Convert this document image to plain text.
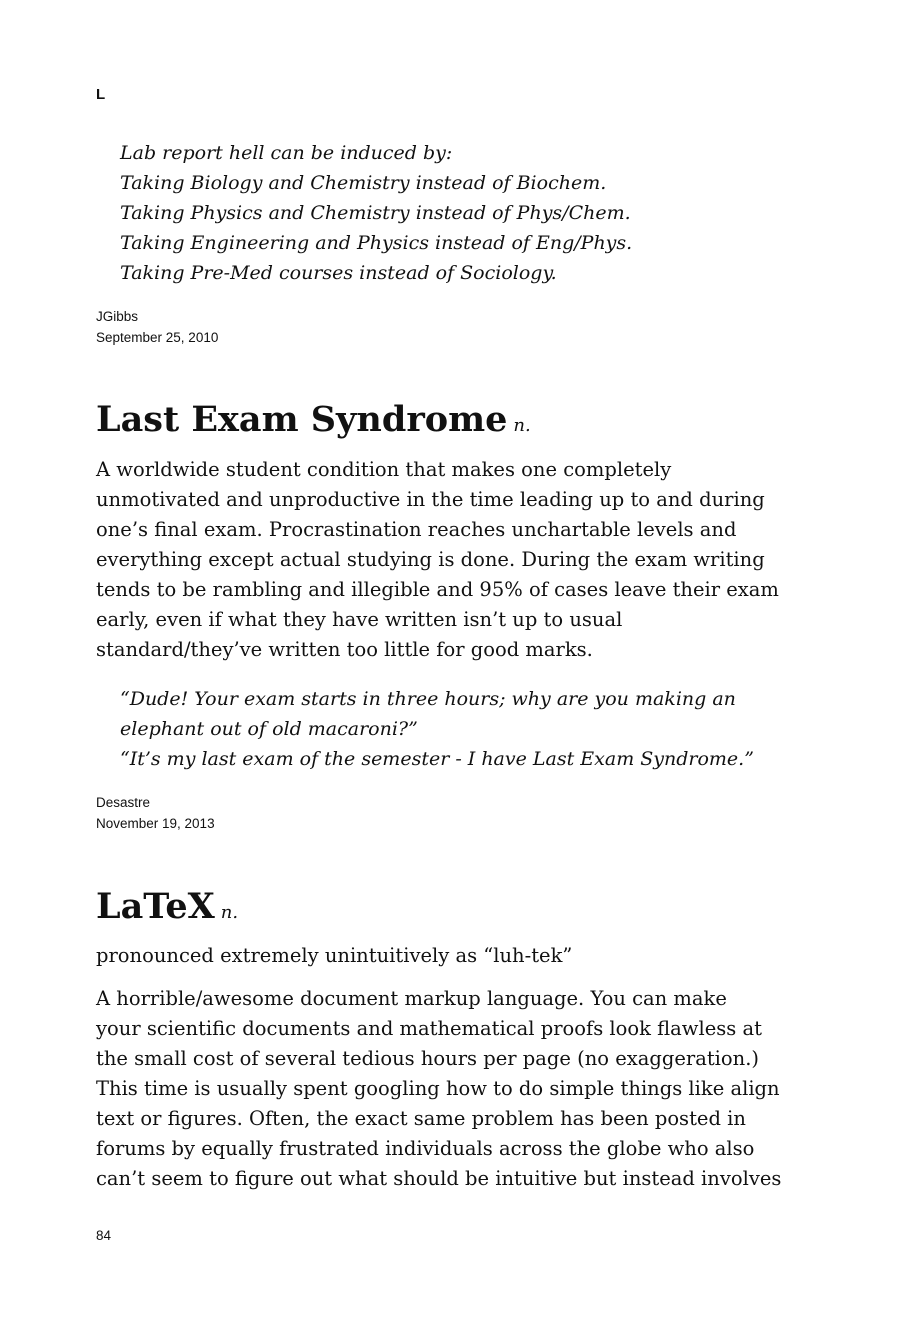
L
Lab report hell can be induced by:
Taking Biology and Chemistry instead of Biochem.
Taking Physics and Chemistry instead of Phys/Chem.
Taking Engineering and Physics instead of Eng/Phys.
Taking Pre-Med courses instead of Sociology.
JGibbs
September 25, 2010
Last Exam Syndrome n.
A worldwide student condition that makes one completely
unmotivated and unproductive in the time leading up to and during
one’s final exam. Procrastination reaches unchartable levels and
everything except actual studying is done. During the exam writing
tends to be rambling and illegible and 95% of cases leave their exam
early, even if what they have written isn’t up to usual
standard/they’ve written too little for good marks.
“Dude! Your exam starts in three hours; why are you making an
elephant out of old macaroni?”
“It’s my last exam of the semester - I have Last Exam Syndrome.”
Desastre
November 19, 2013
LaTeX n.
pronounced extremely unintuitively as “luh-tek”
A horrible/awesome document markup language. You can make
your scientific documents and mathematical proofs look flawless at
the small cost of several tedious hours per page (no exaggeration.)
This time is usually spent googling how to do simple things like align
text or figures. Often, the exact same problem has been posted in
forums by equally frustrated individuals across the globe who also
can’t seem to figure out what should be intuitive but instead involves
84
